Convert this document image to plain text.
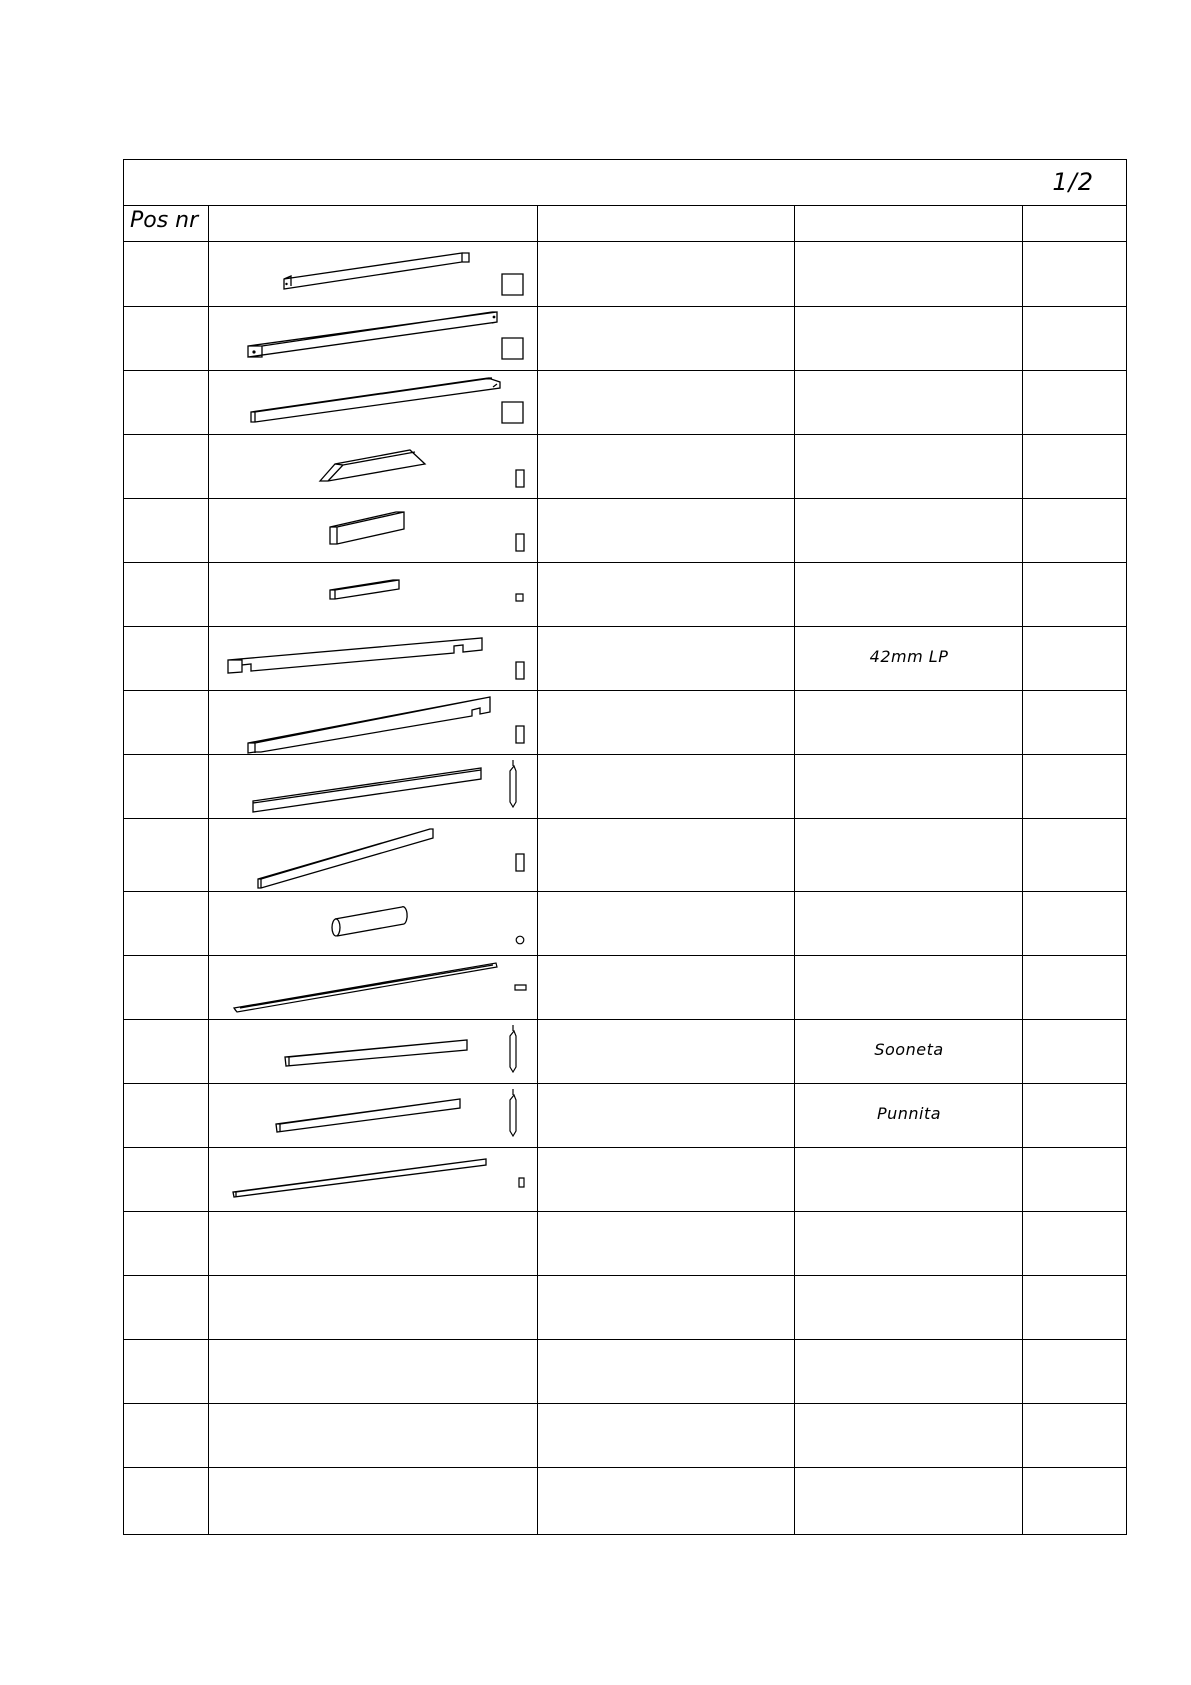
1/2
Pos nr
42mm LP
Sooneta
Punnita
